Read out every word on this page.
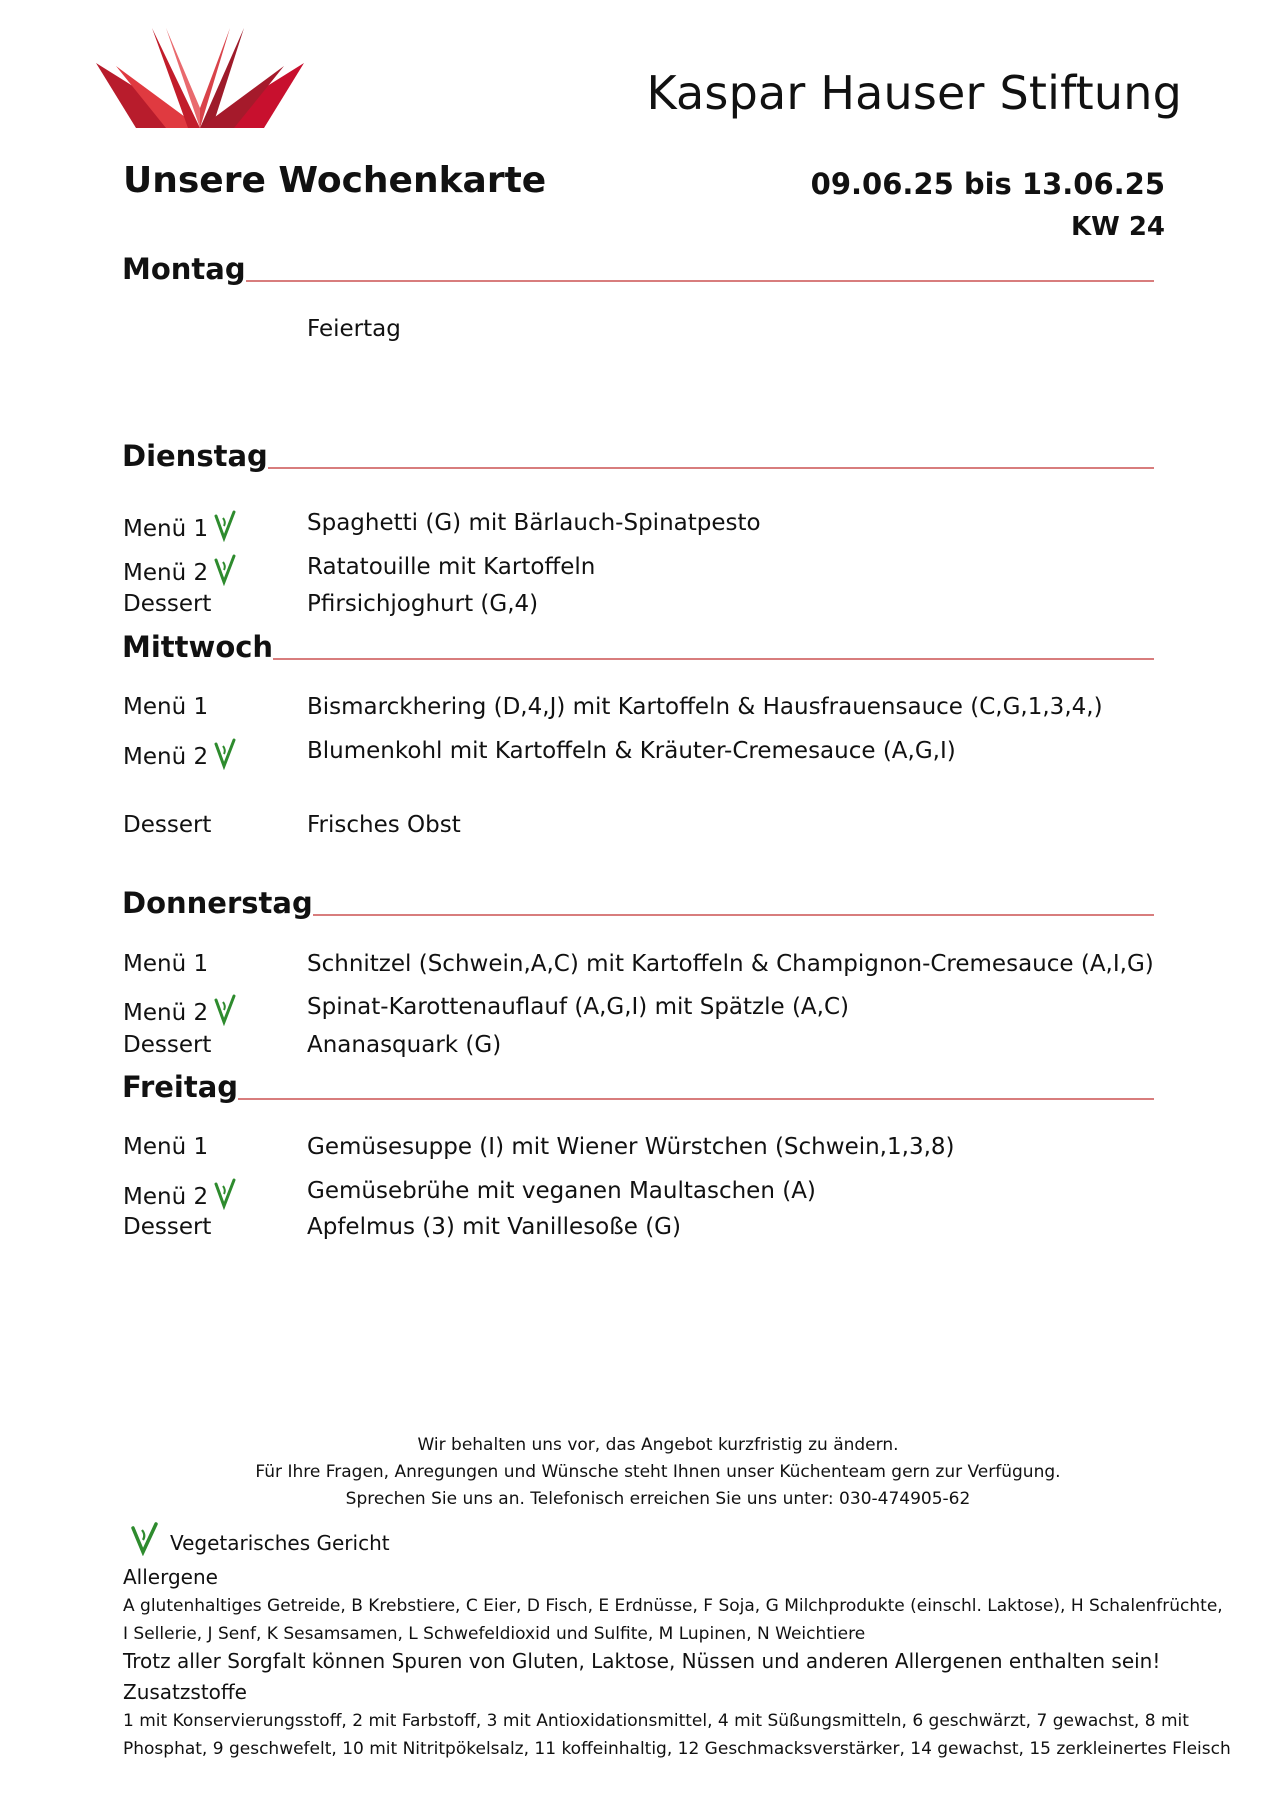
Kaspar Hauser Stiftung
Unsere Wochenkarte	09.06.25 bis 13.06.25
KW 24
Montag
Feiertag
Dienstag
Menü 1	Spaghetti (G) mit Bärlauch-Spinatpesto
Menü 2	Ratatouille mit Kartoffeln
Dessert	Pfirsichjoghurt (G,4)
Mittwoch
Menü 1	Bismarckhering (D,4,J) mit Kartoffeln & Hausfrauensauce (C,G,1,3,4,)
Menü 2	Blumenkohl mit Kartoffeln & Kräuter-Cremesauce (A,G,I)
Dessert	Frisches Obst
Donnerstag
Menü 1	Schnitzel (Schwein,A,C) mit Kartoffeln & Champignon-Cremesauce (A,I,G)
Menü 2	Spinat-Karottenauflauf (A,G,I) mit Spätzle (A,C)
Dessert	Ananasquark (G)
Freitag
Menü 1	Gemüsesuppe (I) mit Wiener Würstchen (Schwein,1,3,8)
Menü 2	Gemüsebrühe mit veganen Maultaschen (A)
Dessert	Apfelmus (3) mit Vanillesoße (G)
Wir behalten uns vor, das Angebot kurzfristig zu ändern.
Für Ihre Fragen, Anregungen und Wünsche steht Ihnen unser Küchenteam gern zur Verfügung.
Sprechen Sie uns an. Telefonisch erreichen Sie uns unter: 030-474905-62
Vegetarisches Gericht
Allergene
A glutenhaltiges Getreide, B Krebstiere, C Eier, D Fisch, E Erdnüsse, F Soja, G Milchprodukte (einschl. Laktose), H Schalenfrüchte, I Sellerie, J Senf, K Sesamsamen, L Schwefeldioxid und Sulfite, M Lupinen, N Weichtiere
Trotz aller Sorgfalt können Spuren von Gluten, Laktose, Nüssen und anderen Allergenen enthalten sein!
Zusatzstoffe
1 mit Konservierungsstoff, 2 mit Farbstoff, 3 mit Antioxidationsmittel, 4 mit Süßungsmitteln, 6 geschwärzt, 7 gewachst, 8 mit Phosphat, 9 geschwefelt, 10 mit Nitritpökelsalz, 11 koffeinhaltig, 12 Geschmacksverstärker, 14 gewachst, 15 zerkleinertes Fleisch
